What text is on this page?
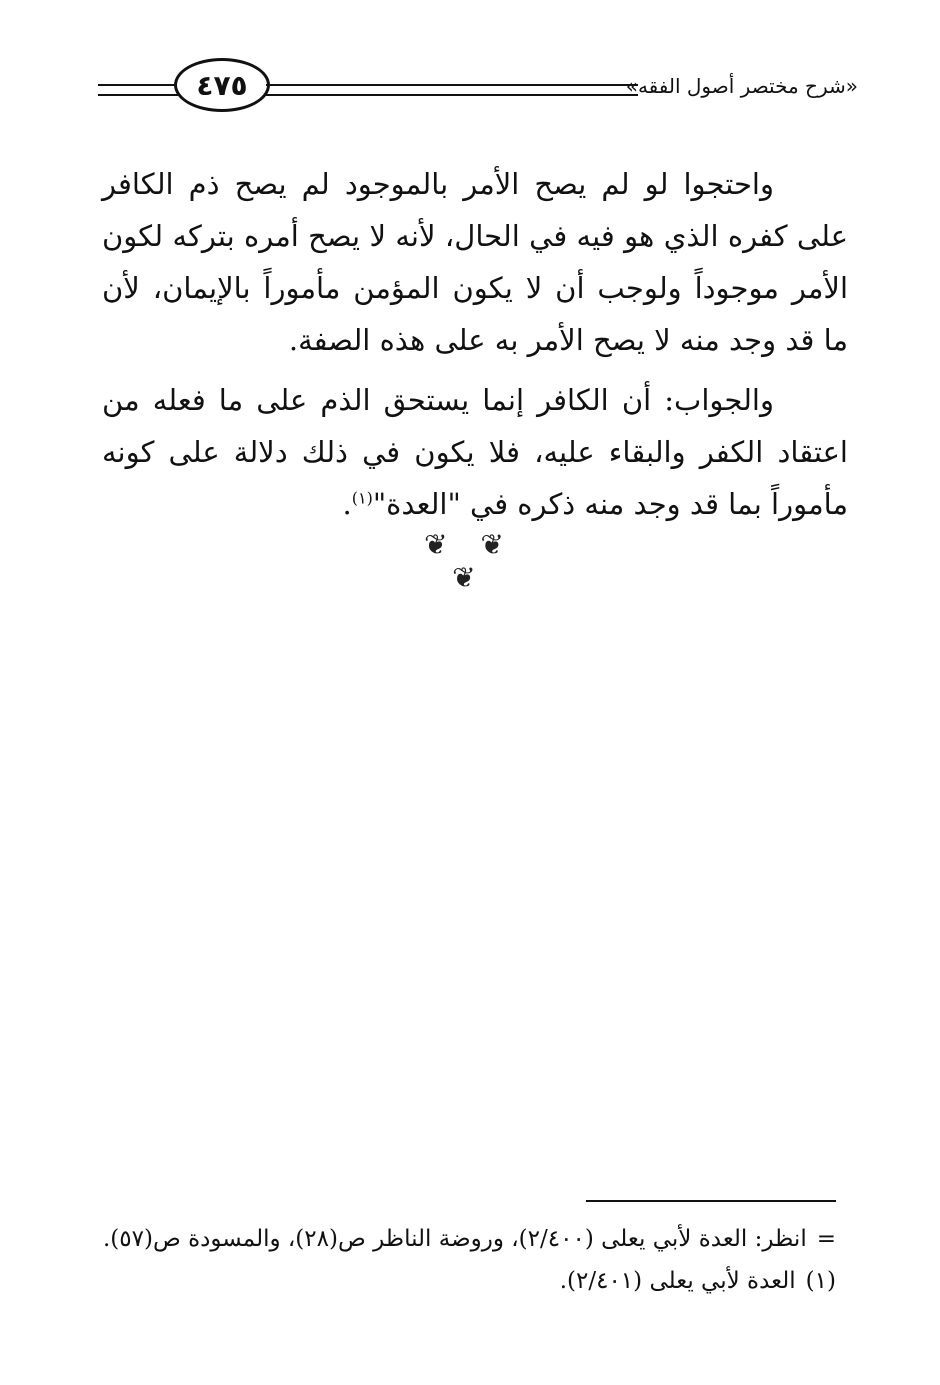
٤٧٥	«شرح مختصر أصول الفقه»

واحتجوا لو لم يصح الأمر بالموجود لم يصح ذم الكافر على كفره الذي هو فيه في الحال، لأنه لا يصح أمره بتركه لكون الأمر موجوداً ولوجب أن لا يكون المؤمن مأموراً بالإيمان، لأن ما قد وجد منه لا يصح الأمر به على هذه الصفة.

والجواب: أن الكافر إنما يستحق الذم على ما فعله من اعتقاد الكفر والبقاء عليه، فلا يكون في ذلك دلالة على كونه مأموراً بما قد وجد منه ذكره في "العدة"$^{(١)}$.

❦ ❦ ❦

=انظر: العدة لأبي يعلى (٢/٤٠٠)، وروضة الناظر ص(٢٨)، والمسودة ص(٥٧).

(١)العدة لأبي يعلى (٢/٤٠١).
